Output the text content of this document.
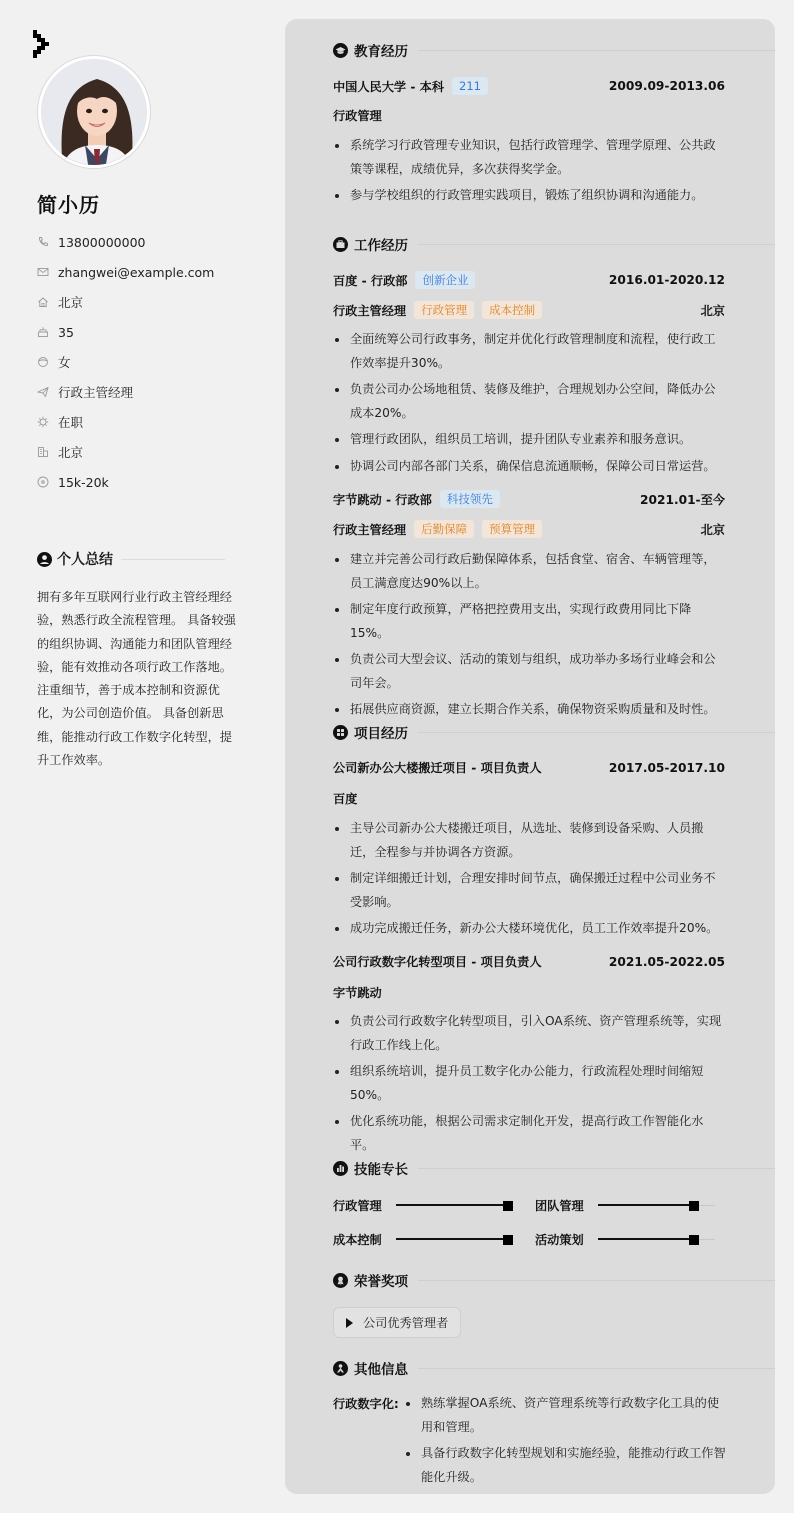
简小历
13800000000
zhangwei@example.com
北京
35
女
行政主管经理
在职
北京
15k-20k
个人总结
拥有多年互联网行业行政主管经理经验，熟悉行政全流程管理。 具备较强的组织协调、沟通能力和团队管理经验，能有效推动各项行政工作落地。 注重细节，善于成本控制和资源优化，为公司创造价值。 具备创新思维，能推动行政工作数字化转型，提升工作效率。
教育经历
中国人民大学 - 本科	211	2009.09-2013.06
行政管理
系统学习行政管理专业知识，包括行政管理学、管理学原理、公共政策等课程，成绩优异，多次获得奖学金。
参与学校组织的行政管理实践项目，锻炼了组织协调和沟通能力。
工作经历
百度 - 行政部	创新企业	2016.01-2020.12
行政主管经理	行政管理	成本控制	北京
全面统筹公司行政事务，制定并优化行政管理制度和流程，使行政工作效率提升30%。
负责公司办公场地租赁、装修及维护，合理规划办公空间，降低办公成本20%。
管理行政团队，组织员工培训，提升团队专业素养和服务意识。
协调公司内部各部门关系，确保信息流通顺畅，保障公司日常运营。
字节跳动 - 行政部	科技领先	2021.01-至今
行政主管经理	后勤保障	预算管理	北京
建立并完善公司行政后勤保障体系，包括食堂、宿舍、车辆管理等，员工满意度达90%以上。
制定年度行政预算，严格把控费用支出，实现行政费用同比下降15%。
负责公司大型会议、活动的策划与组织，成功举办多场行业峰会和公司年会。
拓展供应商资源，建立长期合作关系，确保物资采购质量和及时性。
项目经历
公司新办公大楼搬迁项目 - 项目负责人	2017.05-2017.10
百度
主导公司新办公大楼搬迁项目，从选址、装修到设备采购、人员搬迁，全程参与并协调各方资源。
制定详细搬迁计划，合理安排时间节点，确保搬迁过程中公司业务不受影响。
成功完成搬迁任务，新办公大楼环境优化，员工工作效率提升20%。
公司行政数字化转型项目 - 项目负责人	2021.05-2022.05
字节跳动
负责公司行政数字化转型项目，引入OA系统、资产管理系统等，实现行政工作线上化。
组织系统培训，提升员工数字化办公能力，行政流程处理时间缩短50%。
优化系统功能，根据公司需求定制化开发，提高行政工作智能化水平。
技能专长
行政管理	团队管理
成本控制	活动策划
荣誉奖项
公司优秀管理者
其他信息
行政数字化:	熟练掌握OA系统、资产管理系统等行政数字化工具的使用和管理。
具备行政数字化转型规划和实施经验，能推动行政工作智能化升级。
